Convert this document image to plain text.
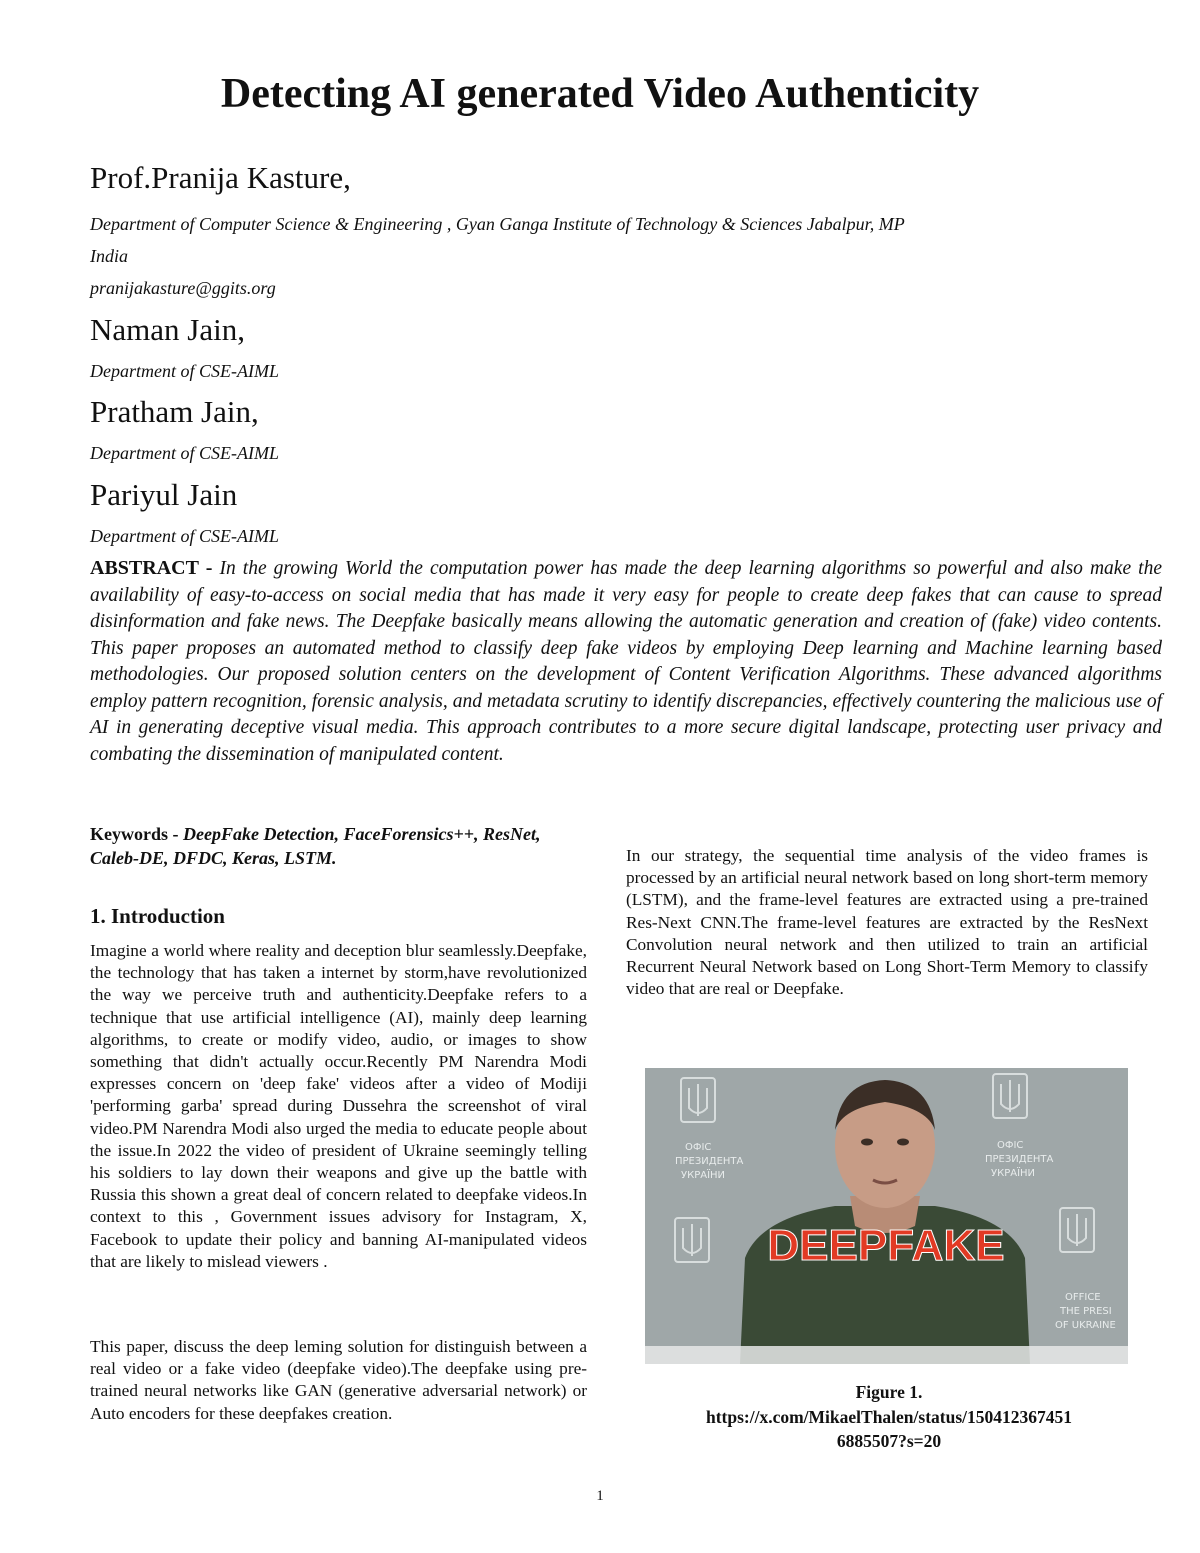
Detecting AI generated Video Authenticity
Prof.Pranija Kasture,
Department of Computer Science & Engineering , Gyan Ganga Institute of Technology & Sciences Jabalpur, MP
India
pranijakasture@ggits.org
Naman Jain,
Department of CSE-AIML
Pratham Jain,
Department of CSE-AIML
Pariyul Jain
Department of CSE-AIML
ABSTRACT - In the growing World the computation power has made the deep learning algorithms so powerful and also make the availability of easy-to-access on social media that has made it very easy for people to create deep fakes that can cause to spread disinformation and fake news. The Deepfake basically means allowing the automatic generation and creation of (fake) video contents. This paper proposes an automated method to classify deep fake videos by employing Deep learning and Machine learning based methodologies. Our proposed solution centers on the development of Content Verification Algorithms. These advanced algorithms employ pattern recognition, forensic analysis, and metadata scrutiny to identify discrepancies, effectively countering the malicious use of AI in generating deceptive visual media. This approach contributes to a more secure digital landscape, protecting user privacy and combating the dissemination of manipulated content.
Keywords - DeepFake Detection, FaceForensics++, ResNet, Caleb-DE, DFDC, Keras, LSTM.
1. Introduction
Imagine a world where reality and deception blur seamlessly.Deepfake, the technology that has taken a internet by storm,have revolutionized the way we perceive truth and authenticity.Deepfake refers to a technique that use artificial intelligence (AI), mainly deep learning algorithms, to create or modify video, audio, or images to show something that didn't actually occur.Recently PM Narendra Modi expresses concern on 'deep fake' videos after a video of Modiji 'performing garba' spread during Dussehra the screenshot of viral video.PM Narendra Modi also urged the media to educate people about the issue.In 2022 the video of president of Ukraine seemingly telling his soldiers to lay down their weapons and give up the battle with Russia this shown a great deal of concern related to deepfake videos.In context to this , Government issues advisory for Instagram, X, Facebook to update their policy and banning AI-manipulated videos that are likely to mislead viewers .
This paper, discuss the deep leming solution for distinguish between a real video or a fake video (deepfake video).The deepfake using pre-trained neural networks like GAN (generative adversarial network) or Auto encoders for these deepfakes creation.
In our strategy, the sequential time analysis of the video frames is processed by an artificial neural network based on long short-term memory (LSTM), and the frame-level features are extracted using a pre-trained Res-Next CNN.The frame-level features are extracted by the ResNext Convolution neural network and then utilized to train an artificial Recurrent Neural Network based on Long Short-Term Memory to classify video that are real or Deepfake.
ОФІС
ПРЕЗИДЕНТА
УКРАЇНИ
ОФІС
ПРЕЗИДЕНТА
УКРАЇНИ
OFFICE
THE PRESI
OF UKRAINE
DEEPFAKE
Figure 1.
https://x.com/MikaelThalen/status/150412367451
6885507?s=20
1
